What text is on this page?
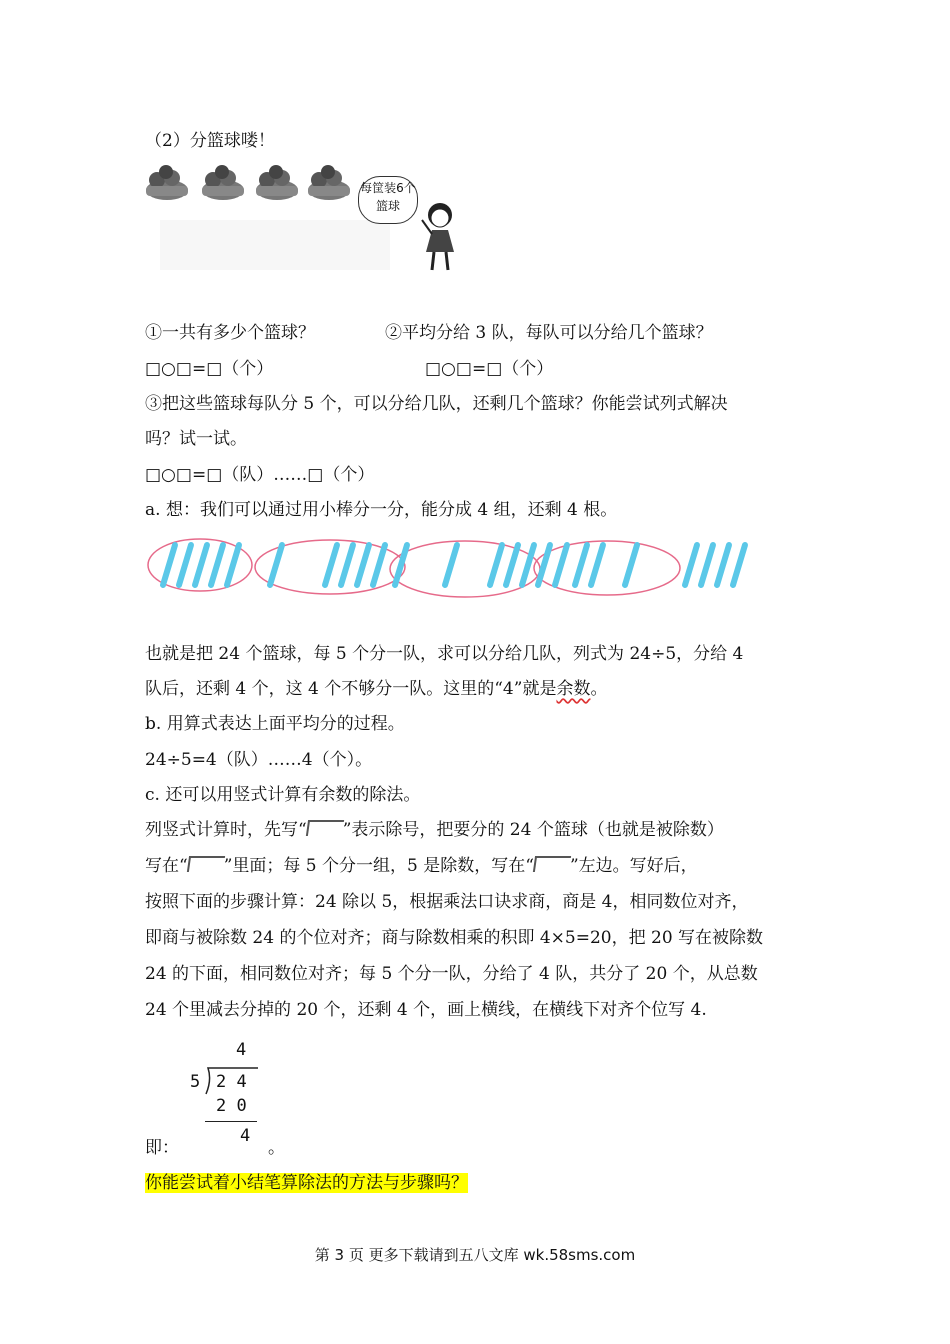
（2）分篮球喽！
每筐装6个篮球
①一共有多少个篮球？	②平均分给 3 队，每队可以分给几个篮球？
□○□=□（个）	□○□=□（个）
③把这些篮球每队分 5 个，可以分给几队，还剩几个篮球？你能尝试列式解决
吗？试一试。
□○□=□（队）……□（个）
a. 想：我们可以通过用小棒分一分，能分成 4 组，还剩 4 根。
也就是把 24 个篮球，每 5 个分一队，求可以分给几队，列式为 24÷5，分给 4
队后，还剩 4 个，这 4 个不够分一队。这里的“4”就是余数。
b. 用算式表达上面平均分的过程。
24÷5=4（队）……4（个）。
c. 还可以用竖式计算有余数的除法。
列竖式计算时，先写“ ”表示除号，把要分的 24 个篮球（也就是被除数）
写在“ ”里面；每 5 个分一组，5 是除数，写在“ ”左边。写好后，
按照下面的步骤计算：24 除以 5，根据乘法口诀求商，商是 4，相同数位对齐，
即商与被除数 24 的个位对齐；商与除数相乘的积即 4×5=20，把 20 写在被除数
24 的下面，相同数位对齐；每 5 个分一队，分给了 4 队，共分了 20 个，从总数
24 个里减去分掉的 20 个，还剩 4 个，画上横线，在横线下对齐个位写 4.
4
5 2 4
2 0
4
即：	。
你能尝试着小结笔算除法的方法与步骤吗？
第 3 页 更多下载请到五八文库 wk.58sms.com
